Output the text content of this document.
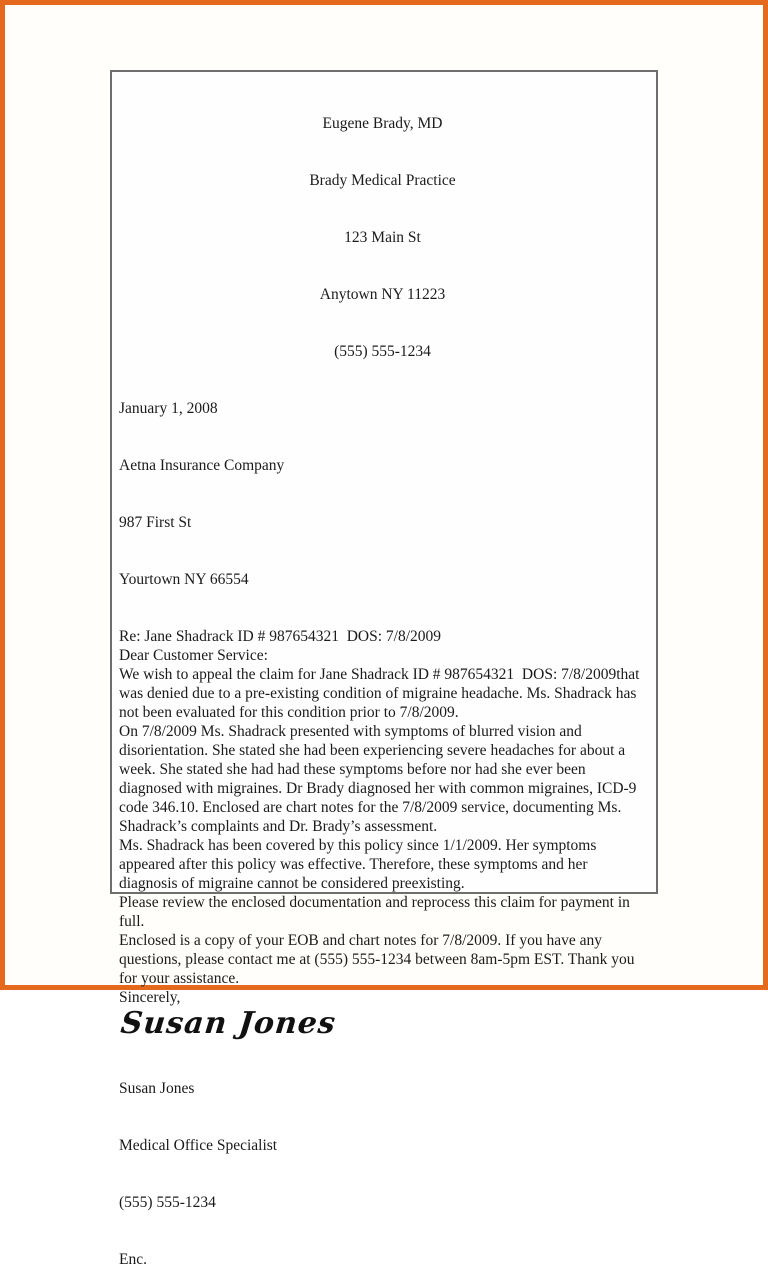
Eugene Brady, MD

Brady Medical Practice

123 Main St

Anytown NY 11223

(555) 555-1234

January 1, 2008

Aetna Insurance Company

987 First St

Yourtown NY 66554

Re: Jane Shadrack ID # 987654321  DOS: 7/8/2009

Dear Customer Service:

We wish to appeal the claim for Jane Shadrack ID # 987654321  DOS: 7/8/2009that was denied due to a pre-existing condition of migraine headache. Ms. Shadrack has not been evaluated for this condition prior to 7/8/2009.

On 7/8/2009 Ms. Shadrack presented with symptoms of blurred vision and disorientation. She stated she had been experiencing severe headaches for about a week. She stated she had had these symptoms before nor had she ever been diagnosed with migraines. Dr Brady diagnosed her with common migraines, ICD-9 code 346.10. Enclosed are chart notes for the 7/8/2009 service, documenting Ms. Shadrack’s complaints and Dr. Brady’s assessment.

Ms. Shadrack has been covered by this policy since 1/1/2009. Her symptoms appeared after this policy was effective. Therefore, these symptoms and her diagnosis of migraine cannot be considered preexisting.

Please review the enclosed documentation and reprocess this claim for payment in full.

Enclosed is a copy of your EOB and chart notes for 7/8/2009. If you have any questions, please contact me at (555) 555-1234 between 8am-5pm EST. Thank you for your assistance.

Sincerely,

Susan Jones

Susan Jones

Medical Office Specialist

(555) 555-1234

Enc.
